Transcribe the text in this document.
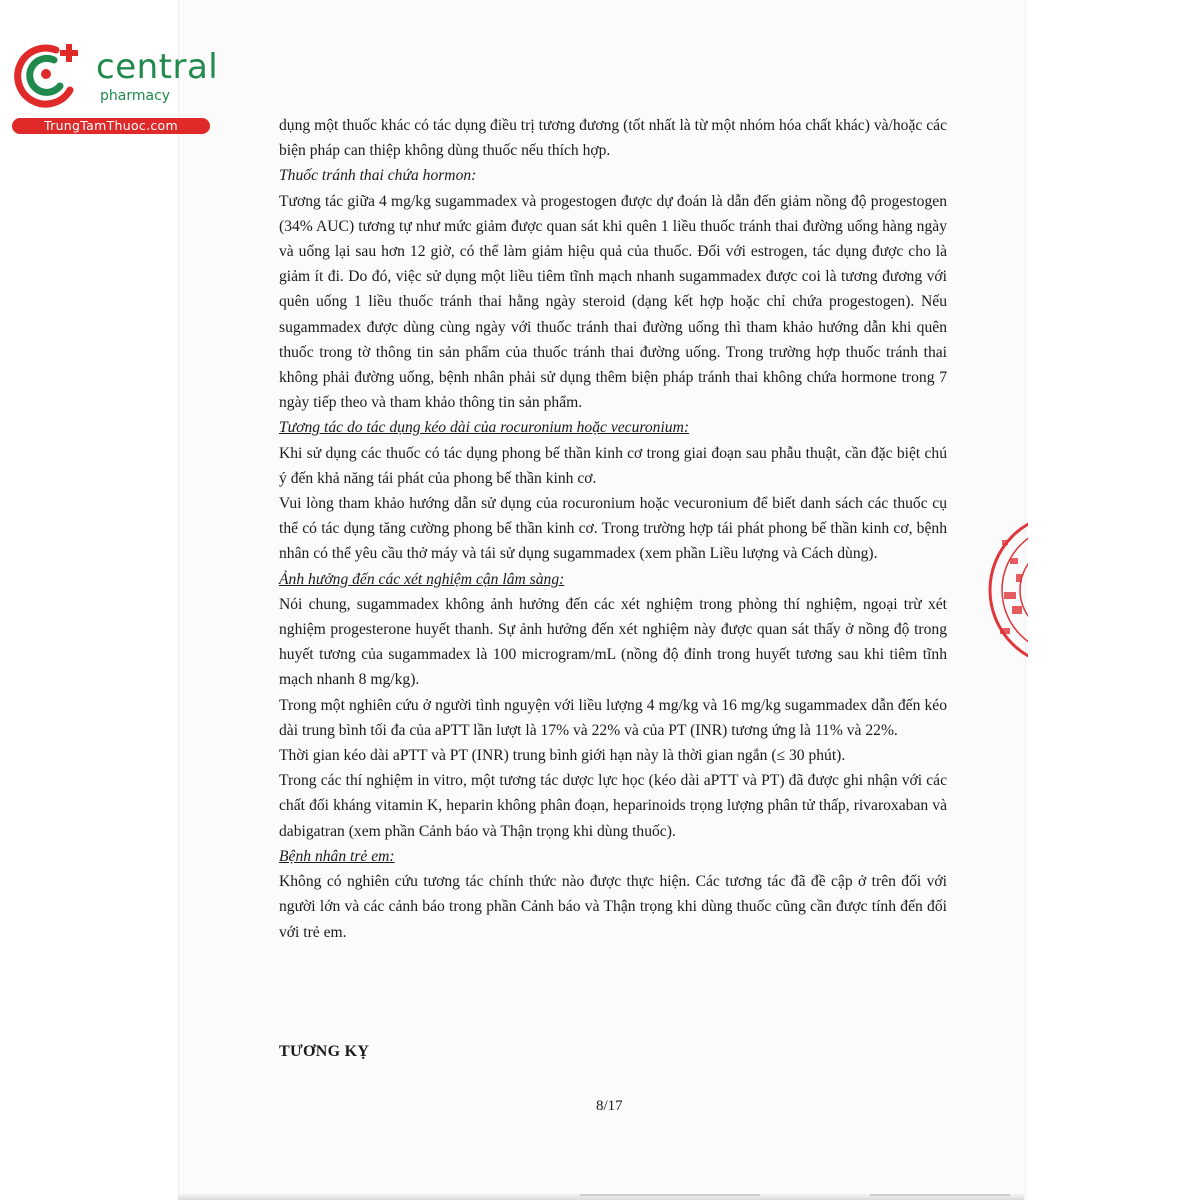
central
pharmacy
TrungTamThuoc.com	dụng một thuốc khác có tác dụng điều trị tương đương (tốt nhất là từ một nhóm hóa chất khác) và/hoặc các biện pháp can thiệp không dùng thuốc nếu thích hợp.

Thuốc tránh thai chứa hormon:

Tương tác giữa 4 mg/kg sugammadex và progestogen được dự đoán là dẫn đến giảm nồng độ progestogen (34% AUC) tương tự như mức giảm được quan sát khi quên 1 liều thuốc tránh thai đường uống hàng ngày và uống lại sau hơn 12 giờ, có thể làm giảm hiệu quả của thuốc. Đối với estrogen, tác dụng được cho là giảm ít đi. Do đó, việc sử dụng một liều tiêm tĩnh mạch nhanh sugammadex được coi là tương đương với quên uống 1 liều thuốc tránh thai hằng ngày steroid (dạng kết hợp hoặc chỉ chứa progestogen). Nếu sugammadex được dùng cùng ngày với thuốc tránh thai đường uống thì tham khảo hướng dẫn khi quên thuốc trong tờ thông tin sản phẩm của thuốc tránh thai đường uống. Trong trường hợp thuốc tránh thai không phải đường uống, bệnh nhân phải sử dụng thêm biện pháp tránh thai không chứa hormone trong 7 ngày tiếp theo và tham khảo thông tin sản phẩm.

Tương tác do tác dụng kéo dài của rocuronium hoặc vecuronium:

Khi sử dụng các thuốc có tác dụng phong bế thần kinh cơ trong giai đoạn sau phẫu thuật, cần đặc biệt chú ý đến khả năng tái phát của phong bế thần kinh cơ.

Vui lòng tham khảo hướng dẫn sử dụng của rocuronium hoặc vecuronium để biết danh sách các thuốc cụ thể có tác dụng tăng cường phong bế thần kinh cơ. Trong trường hợp tái phát phong bế thần kinh cơ, bệnh nhân có thể yêu cầu thở máy và tái sử dụng sugammadex (xem phần Liều lượng và Cách dùng).

Ảnh hưởng đến các xét nghiệm cận lâm sàng:

Nói chung, sugammadex không ảnh hưởng đến các xét nghiệm trong phòng thí nghiệm, ngoại trừ xét nghiệm progesterone huyết thanh. Sự ảnh hưởng đến xét nghiệm này được quan sát thấy ở nồng độ trong huyết tương của sugammadex là 100 microgram/mL (nồng độ đỉnh trong huyết tương sau khi tiêm tĩnh mạch nhanh 8 mg/kg).

Trong một nghiên cứu ở người tình nguyện với liều lượng 4 mg/kg và 16 mg/kg sugammadex dẫn đến kéo dài trung bình tối đa của aPTT lần lượt là 17% và 22% và của PT (INR) tương ứng là 11% và 22%.

Thời gian kéo dài aPTT và PT (INR) trung bình giới hạn này là thời gian ngắn (≤ 30 phút).

Trong các thí nghiệm in vitro, một tương tác dược lực học (kéo dài aPTT và PT) đã được ghi nhận với các chất đối kháng vitamin K, heparin không phân đoạn, heparinoids trọng lượng phân tử thấp, rivaroxaban và dabigatran (xem phần Cảnh báo và Thận trọng khi dùng thuốc).

Bệnh nhân trẻ em:

Không có nghiên cứu tương tác chính thức nào được thực hiện. Các tương tác đã đề cập ở trên đối với người lớn và các cảnh báo trong phần Cảnh báo và Thận trọng khi dùng thuốc cũng cần được tính đến đối với trẻ em.

TƯƠNG KỴ
8/17
